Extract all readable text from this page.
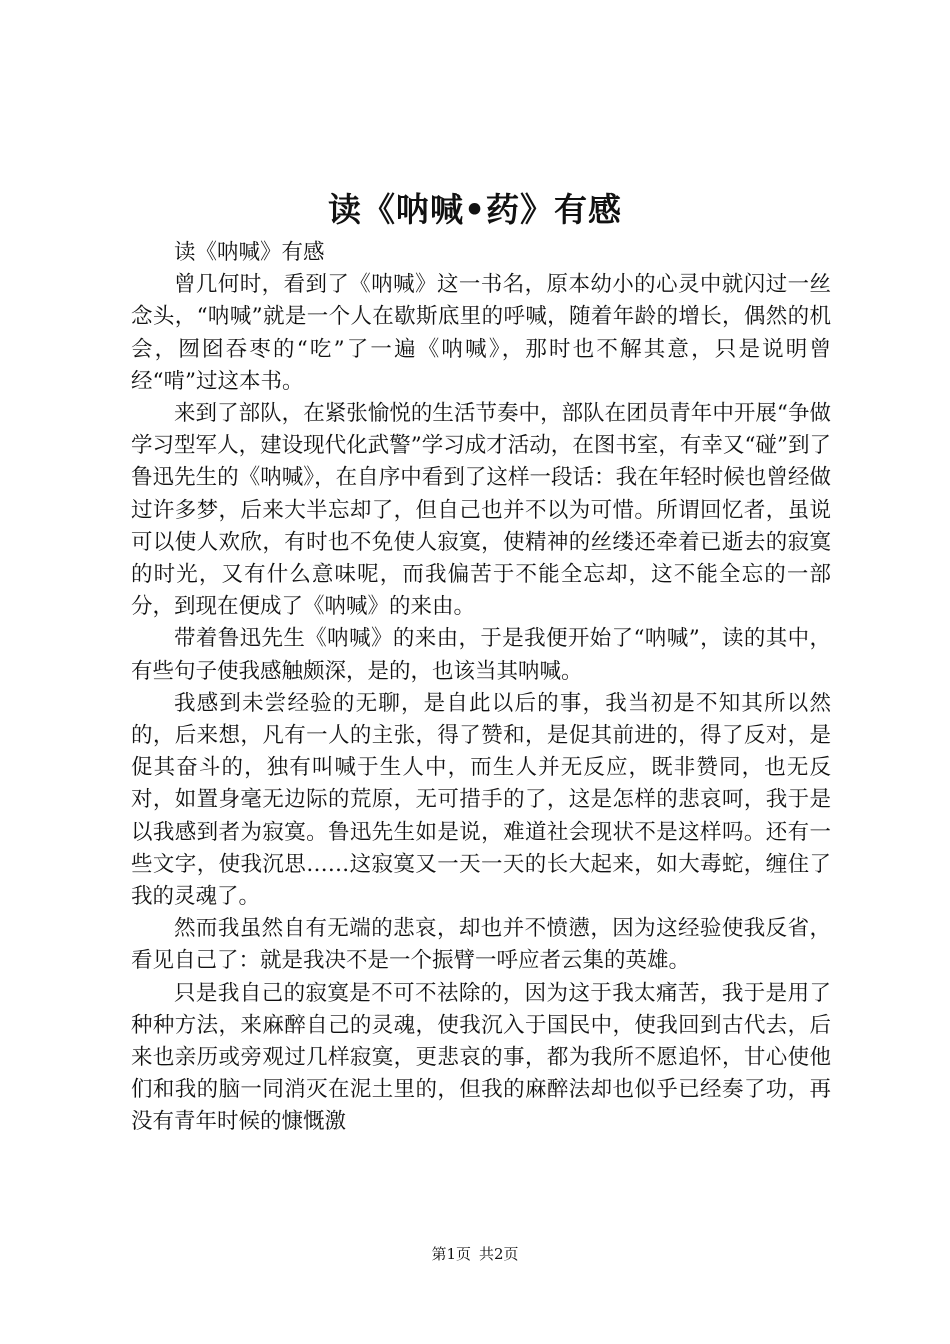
读《呐喊•药》有感

读《呐喊》有感

曾几何时，看到了《呐喊》这一书名，原本幼小的心灵中就闪过一丝念头，“呐喊”就是一个人在歇斯底里的呼喊，随着年龄的增长，偶然的机会，囫囵吞枣的“吃”了一遍《呐喊》，那时也不解其意，只是说明曾经“啃”过这本书。

来到了部队，在紧张愉悦的生活节奏中，部队在团员青年中开展“争做学习型军人，建设现代化武警”学习成才活动，在图书室，有幸又“碰”到了鲁迅先生的《呐喊》，在自序中看到了这样一段话：我在年轻时候也曾经做过许多梦，后来大半忘却了，但自己也并不以为可惜。所谓回忆者，虽说可以使人欢欣，有时也不免使人寂寞，使精神的丝缕还牵着已逝去的寂寞的时光，又有什么意味呢，而我偏苦于不能全忘却，这不能全忘的一部分，到现在便成了《呐喊》的来由。

带着鲁迅先生《呐喊》的来由，于是我便开始了“呐喊”，读的其中，有些句子使我感触颇深，是的，也该当其呐喊。

我感到未尝经验的无聊，是自此以后的事，我当初是不知其所以然的，后来想，凡有一人的主张，得了赞和，是促其前进的，得了反对，是促其奋斗的，独有叫喊于生人中，而生人并无反应，既非赞同，也无反对，如置身毫无边际的荒原，无可措手的了，这是怎样的悲哀呵，我于是以我感到者为寂寞。鲁迅先生如是说，难道社会现状不是这样吗。还有一些文字，使我沉思……这寂寞又一天一天的长大起来，如大毒蛇，缠住了我的灵魂了。

然而我虽然自有无端的悲哀，却也并不愤懑，因为这经验使我反省，看见自己了：就是我决不是一个振臂一呼应者云集的英雄。

只是我自己的寂寞是不可不祛除的，因为这于我太痛苦，我于是用了种种方法，来麻醉自己的灵魂，使我沉入于国民中，使我回到古代去，后来也亲历或旁观过几样寂寞，更悲哀的事，都为我所不愿追怀，甘心使他们和我的脑一同消灭在泥土里的，但我的麻醉法却也似乎已经奏了功，再没有青年时候的慷慨激

第1页 共2页
